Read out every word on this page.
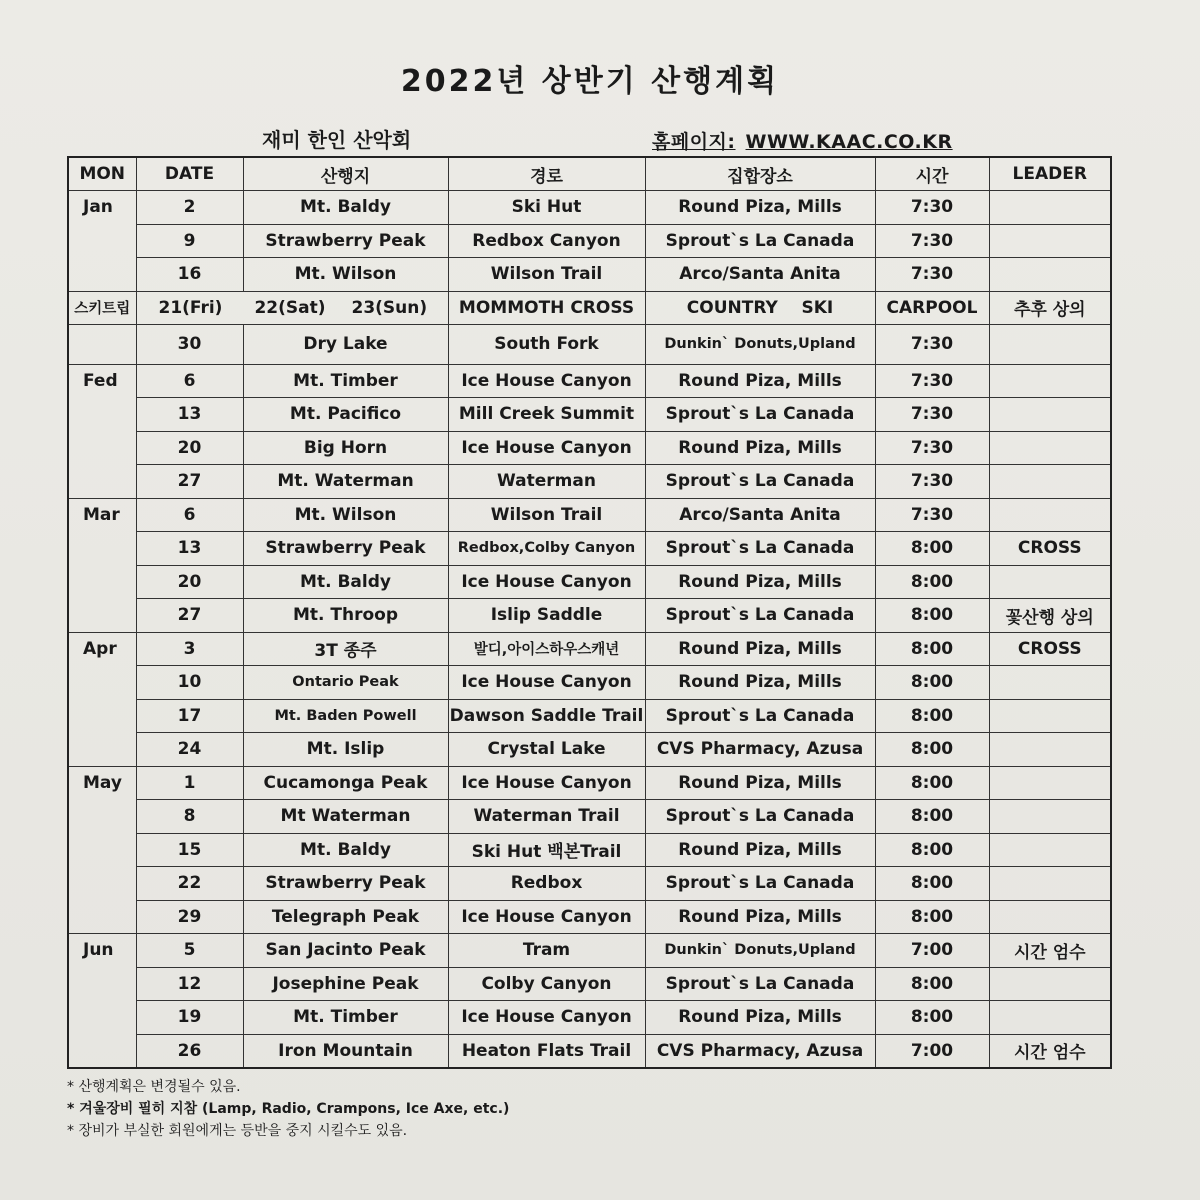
2022년 상반기 산행계획
재미 한인 산악회	홈페이지: WWW.KAAC.CO.KR
MON	DATE	산행지	경로	집합장소	시간	LEADER
Jan	2	Mt. Baldy	Ski Hut	Round Pizа, Mills	7:30	
	9	Strawberry Peak	Redbox Canyon	Sprout`s La Canada	7:30	
	16	Mt. Wilson	Wilson Trail	Arco/Santa Anita	7:30	
스키트립	21(Fri) 22(Sat) 23(Sun)		MOMMOTH CROSS	COUNTRY    SKI	CARPOOL	추후 상의
	30	Dry Lake	South Fork	Dunkin` Donuts,Upland	7:30	
Fed	6	Mt. Timber	Ice House Canyon	Round Pizа, Mills	7:30	
	13	Mt. Pacifico	Mill Creek Summit	Sprout`s La Canada	7:30	
	20	Big Horn	Ice House Canyon	Round Pizа, Mills	7:30	
	27	Mt. Waterman	Waterman	Sprout`s La Canada	7:30	
Mar	6	Mt. Wilson	Wilson Trail	Arco/Santa Anita	7:30	
	13	Strawberry Peak	Redbox,Colby Canyon	Sprout`s La Canada	8:00	CROSS
	20	Mt. Baldy	Ice House Canyon	Round Pizа, Mills	8:00	
	27	Mt. Throop	Islip Saddle	Sprout`s La Canada	8:00	꽃산행 상의
Apr	3	3T 종주	발디,아이스하우스캐년	Round Pizа, Mills	8:00	CROSS
	10	Ontario Peak	Ice House Canyon	Round Pizа, Mills	8:00	
	17	Mt. Baden Powell	Dawson Saddle Trail	Sprout`s La Canada	8:00	
	24	Mt. Islip	Crystal Lake	CVS Pharmacy, Azusa	8:00	
May	1	Cucamonga Peak	Ice House Canyon	Round Pizа, Mills	8:00	
	8	Mt Waterman	Waterman Trail	Sprout`s La Canada	8:00	
	15	Mt. Baldy	Ski Hut 백본Trail	Round Pizа, Mills	8:00	
	22	Strawberry Peak	Redbox	Sprout`s La Canada	8:00	
	29	Telegraph Peak	Ice House Canyon	Round Pizа, Mills	8:00	
Jun	5	San Jacinto Peak	Tram	Dunkin` Donuts,Upland	7:00	시간 엄수
	12	Josephine Peak	Colby Canyon	Sprout`s La Canada	8:00	
	19	Mt. Timber	Ice House Canyon	Round Pizа, Mills	8:00	
	26	Iron Mountain	Heaton Flats Trail	CVS Pharmacy, Azusa	7:00	시간 엄수
* 산행계획은 변경될수 있음.
* 겨울장비 필히 지참 (Lamp, Radio, Crampons, Ice Axe, etc.)
* 장비가 부실한 회원에게는 등반을 중지 시킬수도 있음.
